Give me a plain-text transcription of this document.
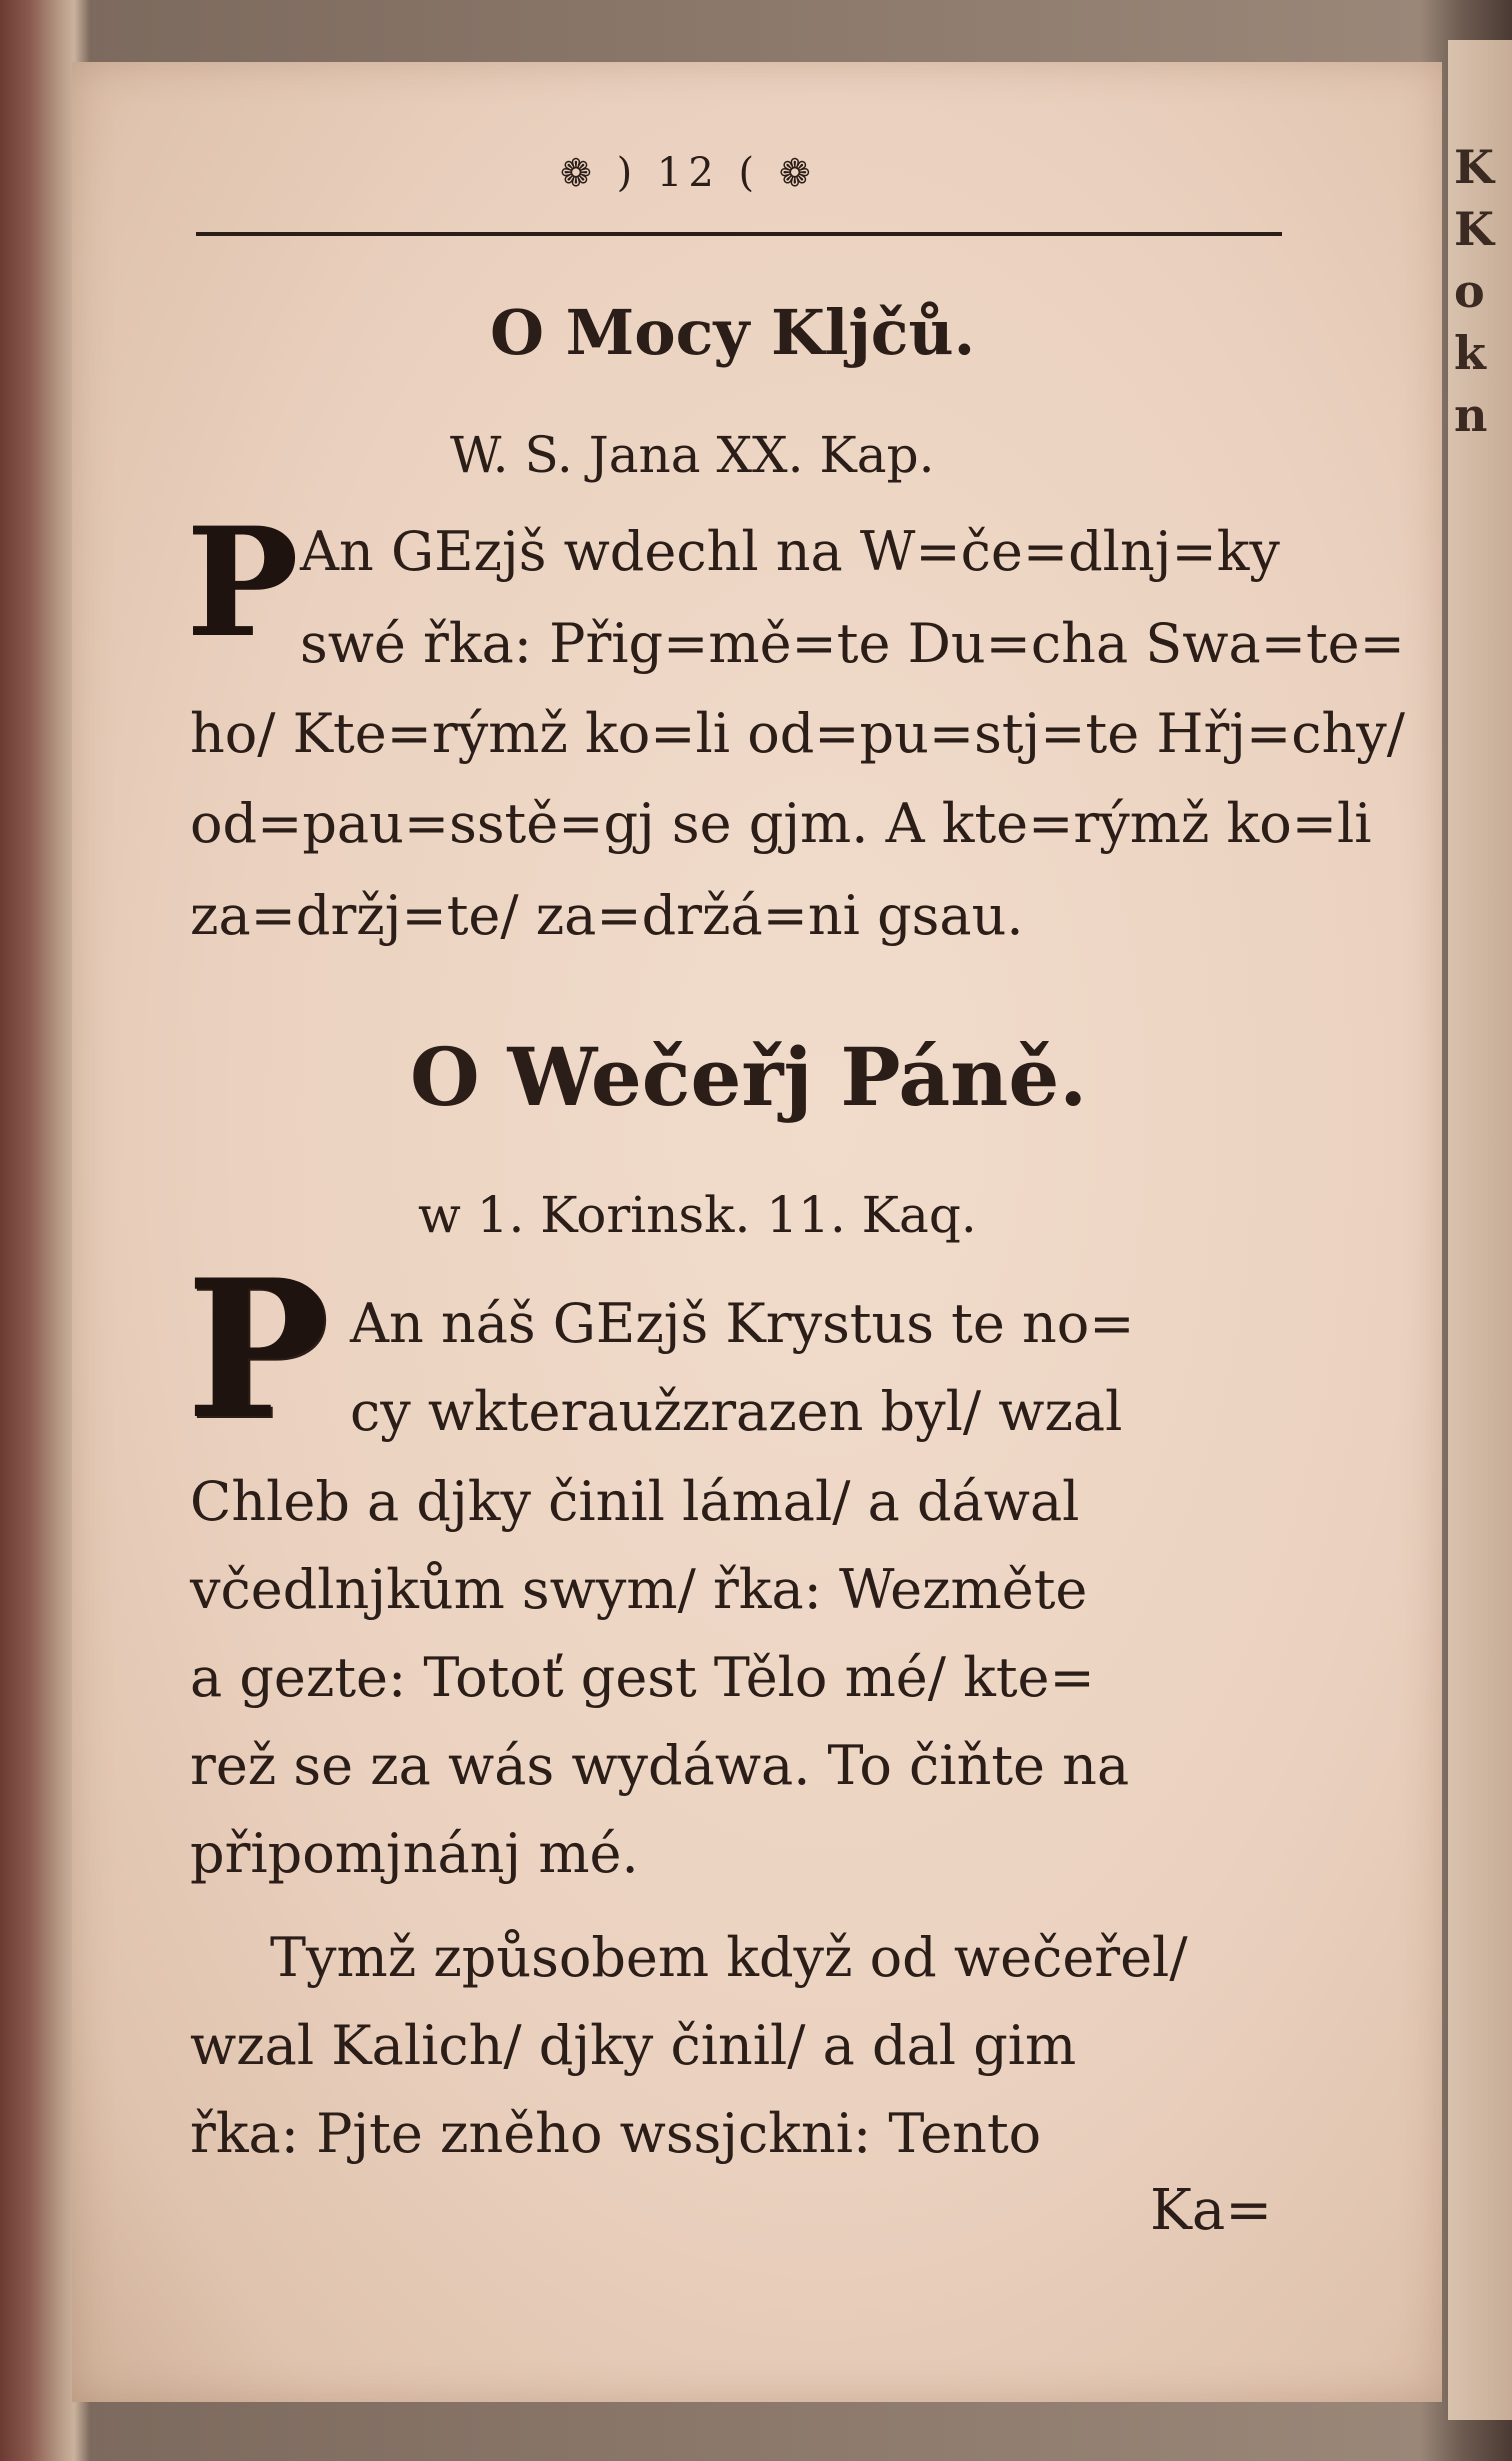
K
K
o
k
n
❁ ) 12 ( ❁
O Mocy Kljčů.
W. S. Jana XX. Kap.
P An GEzjš wdechl na W=če=dlnj=ky
swé řka: Přig=mě=te Du=cha Swa=te=
ho/ Kte=rýmž ko=li od=pu=stj=te Hřj=chy/
od=pau=sstě=gj se gjm. A kte=rýmž ko=li
za=držj=te/ za=držá=ni gsau.
O Wečeřj Páně.
w 1. Korinsk. 11. Kaq.
P An náš GEzjš Krystus te no=
cy wkteraužzrazen byl/ wzal
Chleb a djky činil lámal/ a dáwal
včedlnjkům swym/ řka: Wezměte
a gezte: Totoť gest Tělo mé/ kte=
rež se za wás wydáwa. To čiňte na
připomjnánj mé.
Tymž způsobem když od wečeřel/
wzal Kalich/ djky činil/ a dal gim
řka: Pjte zněho wssjckni: Tento
Ka=
